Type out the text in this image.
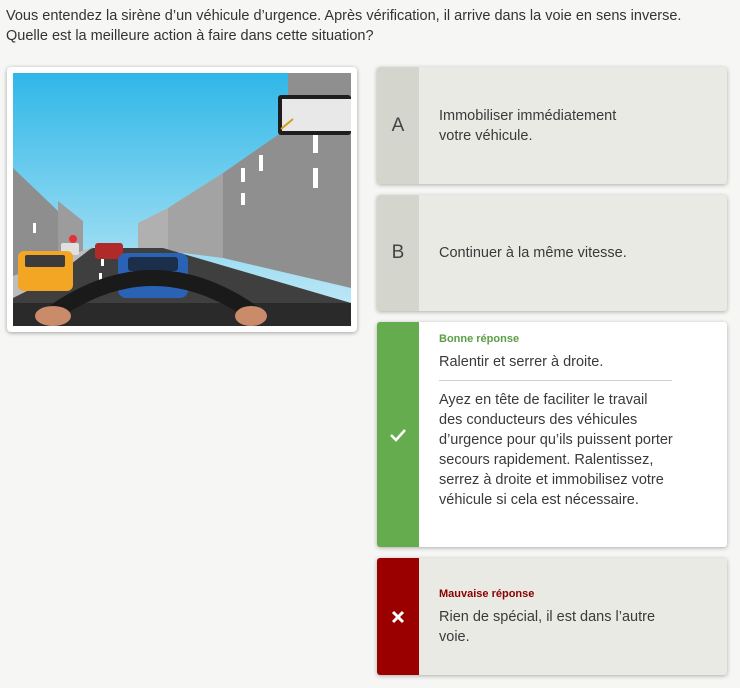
Vous entendez la sirène d’un véhicule d’urgence. Après vérification, il arrive dans la voie en sens inverse.
Quelle est la meilleure action à faire dans cette situation?
A	Immobiliser immédiatement
votre véhicule.
B	Continuer à la même vitesse.
Bonne réponse
Ralentir et serrer à droite.
Ayez en tête de faciliter le travail des conducteurs des véhicules d’urgence pour qu’ils puissent porter secours rapidement. Ralentissez, serrez à droite et immobilisez votre véhicule si cela est nécessaire.
Mauvaise réponse
Rien de spécial, il est dans l’autre
voie.
